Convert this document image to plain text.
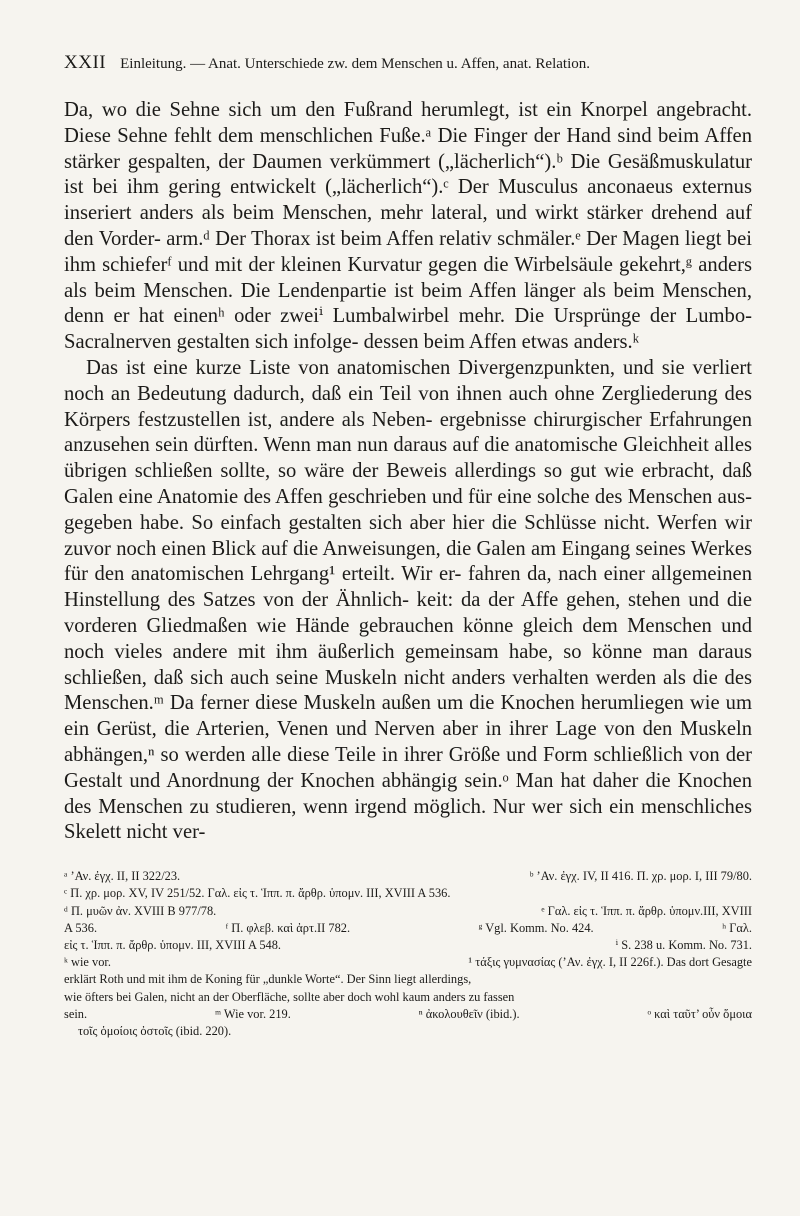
XXII Einleitung. — Anat. Unterschiede zw. dem Menschen u. Affen, anat. Relation.

Da, wo die Sehne sich um den Fußrand herumlegt, ist ein Knorpel angebracht. Diese Sehne fehlt dem menschlichen Fuße.ᵃ Die Finger der Hand sind beim Affen stärker gespalten, der Daumen verkümmert („lächerlich“).ᵇ Die Gesäßmuskulatur ist bei ihm gering entwickelt („lächerlich“).ᶜ Der Musculus anconaeus externus inseriert anders als beim Menschen, mehr lateral, und wirkt stärker drehend auf den Vorder- arm.ᵈ Der Thorax ist beim Affen relativ schmäler.ᵉ Der Magen liegt bei ihm schieferᶠ und mit der kleinen Kurvatur gegen die Wirbelsäule gekehrt,ᵍ anders als beim Menschen. Die Lendenpartie ist beim Affen länger als beim Menschen, denn er hat einenʰ oder zweiⁱ Lumbalwirbel mehr. Die Ursprünge der Lumbo-Sacralnerven gestalten sich infolge- dessen beim Affen etwas anders.ᵏ

Das ist eine kurze Liste von anatomischen Divergenzpunkten, und sie verliert noch an Bedeutung dadurch, daß ein Teil von ihnen auch ohne Zergliederung des Körpers festzustellen ist, andere als Neben- ergebnisse chirurgischer Erfahrungen anzusehen sein dürften. Wenn man nun daraus auf die anatomische Gleichheit alles übrigen schließen sollte, so wäre der Beweis allerdings so gut wie erbracht, daß Galen eine Anatomie des Affen geschrieben und für eine solche des Menschen aus- gegeben habe. So einfach gestalten sich aber hier die Schlüsse nicht. Werfen wir zuvor noch einen Blick auf die Anweisungen, die Galen am Eingang seines Werkes für den anatomischen Lehrgang¹ erteilt. Wir er- fahren da, nach einer allgemeinen Hinstellung des Satzes von der Ähnlich- keit: da der Affe gehen, stehen und die vorderen Gliedmaßen wie Hände gebrauchen könne gleich dem Menschen und noch vieles andere mit ihm äußerlich gemeinsam habe, so könne man daraus schließen, daß sich auch seine Muskeln nicht anders verhalten werden als die des Menschen.ᵐ Da ferner diese Muskeln außen um die Knochen herumliegen wie um ein Gerüst, die Arterien, Venen und Nerven aber in ihrer Lage von den Muskeln abhängen,ⁿ so werden alle diese Teile in ihrer Größe und Form schließlich von der Gestalt und Anordnung der Knochen abhängig sein.ᵒ Man hat daher die Knochen des Menschen zu studieren, wenn irgend möglich. Nur wer sich ein menschliches Skelett nicht ver-

ᵃ ’Αν. ἐγχ. II, II 322/23.	ᵇ ’Αν. ἐγχ. IV, II 416. Π. χρ. μορ. I, III 79/80.
ᶜ Π. χρ. μορ. XV, IV 251/52. Γαλ. εἰς τ. Ἱππ. π. ἄρθρ. ὑπομν. III, XVIII A 536.
ᵈ Π. μυῶν ἀν. XVIII B 977/78.	ᵉ Γαλ. εἰς τ. Ἱππ. π. ἄρθρ. ὑπομν.III, XVIII
A 536.	ᶠ Π. φλεβ. καὶ ἀρτ.II 782.	ᵍ Vgl. Komm. No. 424.	ʰ Γαλ.
εἰς τ. Ἱππ. π. ἄρθρ. ὑπομν. III, XVIII A 548.	ⁱ S. 238 u. Komm. No. 731.
ᵏ wie vor.	¹ τάξις γυμνασίας (’Αν. ἐγχ. I, II 226f.). Das dort Gesagte
erklärt Roth und mit ihm de Koning für „dunkle Worte“. Der Sinn liegt allerdings,
wie öfters bei Galen, nicht an der Oberfläche, sollte aber doch wohl kaum anders zu fassen
sein.	ᵐ Wie vor. 219.	ⁿ ἀκολουθεῖν (ibid.).	ᵒ καὶ ταῦτ’ οὖν ὅμοια
τοῖς ὁμοίοις ὀστοῖς (ibid. 220).
